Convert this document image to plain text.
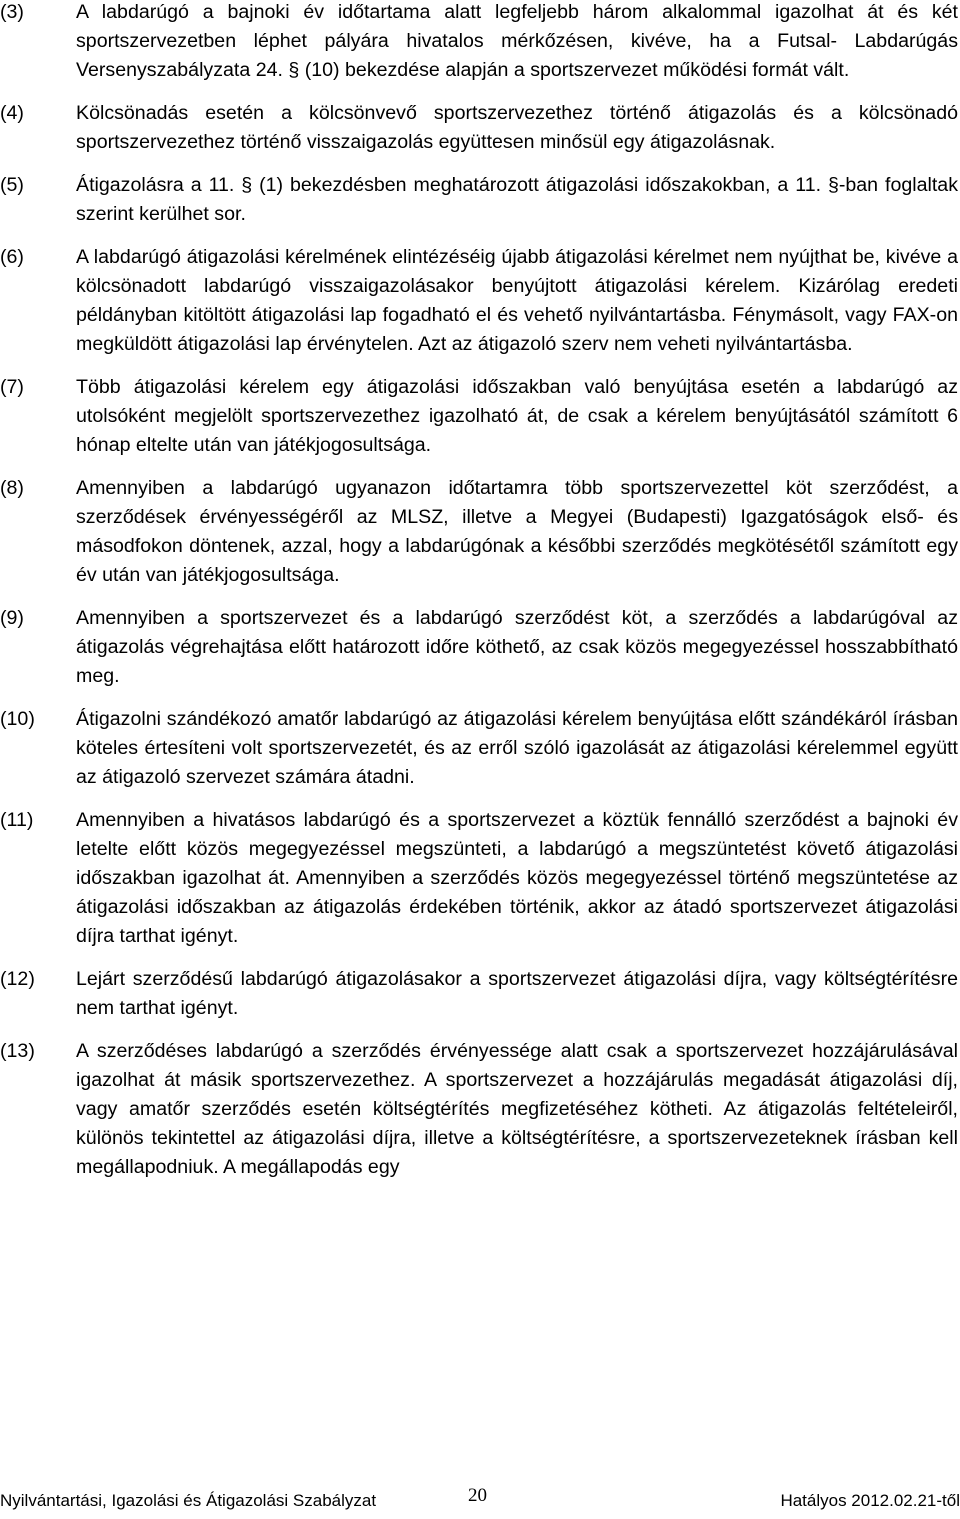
(3)	A labdarúgó a bajnoki év időtartama alatt legfeljebb három alkalommal igazolhat át és két sportszervezetben léphet pályára hivatalos mérkőzésen, kivéve, ha a Futsal- Labdarúgás Versenyszabályzata 24. § (10) bekezdése alapján a sportszervezet működési formát vált.
(4)	Kölcsönadás esetén a kölcsönvevő sportszervezethez történő átigazolás és a kölcsönadó sportszervezethez történő visszaigazolás együttesen minősül egy átigazolásnak.
(5)	Átigazolásra a 11. § (1) bekezdésben meghatározott átigazolási időszakokban, a 11. §-ban foglaltak szerint kerülhet sor.
(6)	A labdarúgó átigazolási kérelmének elintézéséig újabb átigazolási kérelmet nem nyújthat be, kivéve a kölcsönadott labdarúgó visszaigazolásakor benyújtott átigazolási kérelem. Kizárólag eredeti példányban kitöltött átigazolási lap fogadható el és vehető nyilvántartásba. Fénymásolt, vagy FAX-on megküldött átigazolási lap érvénytelen. Azt az átigazoló szerv nem veheti nyilvántartásba.
(7)	Több átigazolási kérelem egy átigazolási időszakban való benyújtása esetén a labdarúgó az utolsóként megjelölt sportszervezethez igazolható át, de csak a kérelem benyújtásától számított 6 hónap eltelte után van játékjogosultsága.
(8)	Amennyiben a labdarúgó ugyanazon időtartamra több sportszervezettel köt szerződést, a szerződések érvényességéről az MLSZ, illetve a Megyei (Budapesti) Igazgatóságok első- és másodfokon döntenek, azzal, hogy a labdarúgónak a későbbi szerződés megkötésétől számított egy év után van játékjogosultsága.
(9)	Amennyiben a sportszervezet és a labdarúgó szerződést köt, a szerződés a labdarúgóval az átigazolás végrehajtása előtt határozott időre köthető, az csak közös megegyezéssel hosszabbítható meg.
(10)	Átigazolni szándékozó amatőr labdarúgó az átigazolási kérelem benyújtása előtt szándékáról írásban köteles értesíteni volt sportszervezetét, és az erről szóló igazolását az átigazolási kérelemmel együtt az átigazoló szervezet számára átadni.
(11)	Amennyiben a hivatásos labdarúgó és a sportszervezet a köztük fennálló szerződést a bajnoki év letelte előtt közös megegyezéssel megszünteti, a labdarúgó a megszüntetést követő átigazolási időszakban igazolhat át. Amennyiben a szerződés közös megegyezéssel történő megszüntetése az átigazolási időszakban az átigazolás érdekében történik, akkor az átadó sportszervezet átigazolási díjra tarthat igényt.
(12)	Lejárt szerződésű labdarúgó átigazolásakor a sportszervezet átigazolási díjra, vagy költségtérítésre nem tarthat igényt.
(13)	A szerződéses labdarúgó a szerződés érvényessége alatt csak a sportszervezet hozzájárulásával igazolhat át másik sportszervezethez. A sportszervezet a hozzájárulás megadását átigazolási díj, vagy amatőr szerződés esetén költségtérítés megfizetéséhez kötheti. Az átigazolás feltételeiről, különös tekintettel az átigazolási díjra, illetve a költségtérítésre, a sportszervezeteknek írásban kell megállapodniuk. A megállapodás egy
Nyilvántartási, Igazolási és Átigazolási Szabályzat	20	Hatályos 2012.02.21-től
